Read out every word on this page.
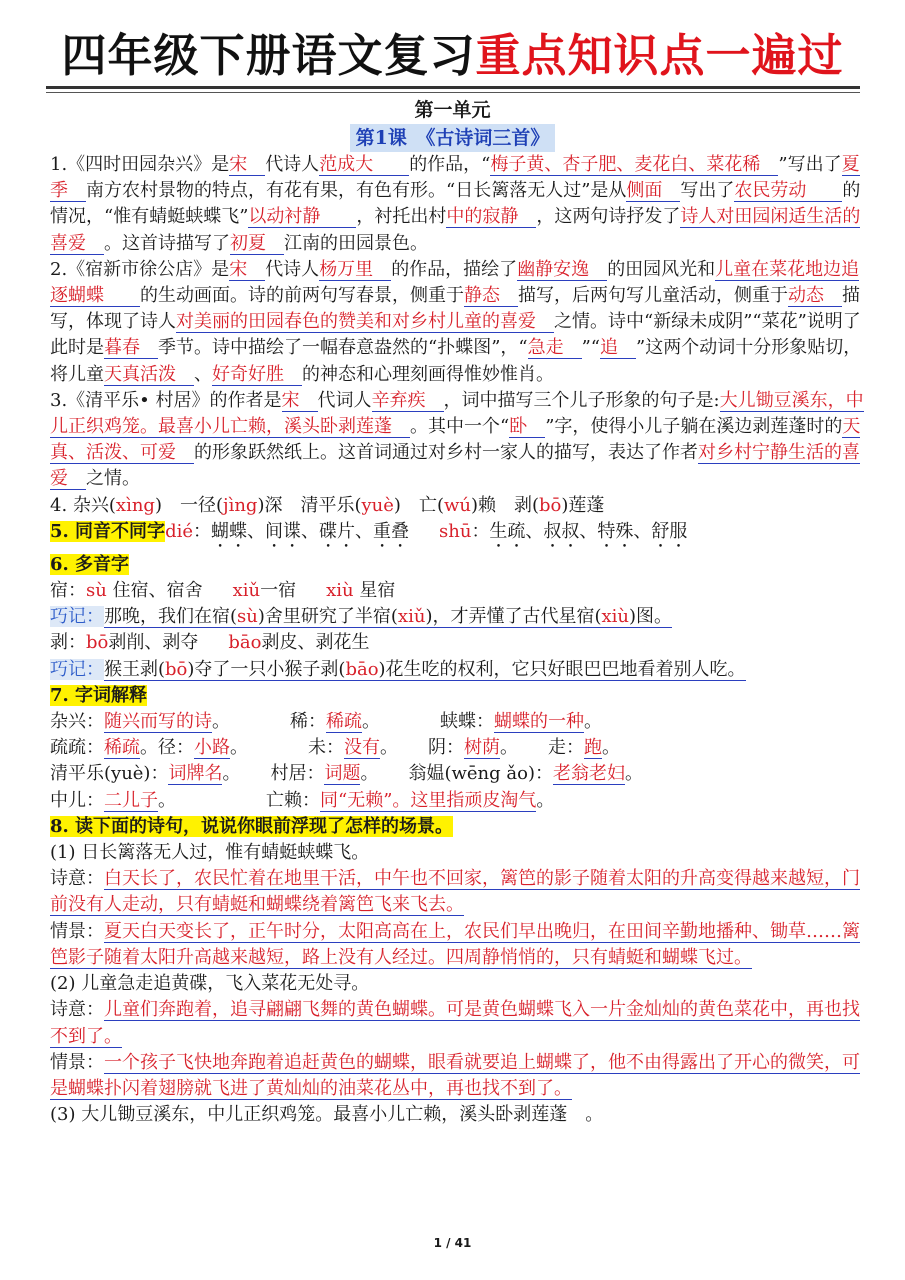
四年级下册语文复习重点知识点一遍过
第一单元
第1课　《古诗词三首》

1.《四时田园杂兴》是宋　代诗人范成大　　的作品，“梅子黄、杏子肥、麦花白、菜花稀　”写出了夏季　南方农村景物的特点，有花有果，有色有形。“日长篱落无人过”是从侧面　写出了农民劳动　　的情况，“惟有蜻蜓蛱蝶飞”以动衬静　　，衬托出村中的寂静　，这两句诗抒发了诗人对田园闲适生活的喜爱　。这首诗描写了初夏　江南的田园景色。

2.《宿新市徐公店》是宋　代诗人杨万里　的作品，描绘了幽静安逸　的田园风光和儿童在菜花地边追逐蝴蝶　　的生动画面。诗的前两句写春景，侧重于静态　描写，后两句写儿童活动，侧重于动态　描写，体现了诗人对美丽的田园春色的赞美和对乡村儿童的喜爱　之情。诗中“新绿未成阴”“菜花”说明了此时是暮春　季节。诗中描绘了一幅春意盎然的“扑蝶图”，“急走　”“追　”这两个动词十分形象贴切，将儿童天真活泼　、好奇好胜　的神态和心理刻画得惟妙惟肖。

3.《清平乐• 村居》的作者是宋　代词人辛弃疾　，词中描写三个儿子形象的句子是:大儿锄豆溪东，中儿正织鸡笼。最喜小儿亡赖，溪头卧剥莲蓬　。其中一个“卧　”字，使得小儿子躺在溪边剥莲蓬时的天真、活泼、可爱　的形象跃然纸上。这首词通过对乡村一家人的描写，表达了作者对乡村宁静生活的喜爱　之情。

4. 杂兴(xìng)　一径(jìng)深　清平乐(yuè)　亡(wú)赖　剥(bō)莲蓬

5. 同音不同字dié：蝴蝶、间谍、碟片、重叠 shū：生疏、叔叔、特殊、舒服

6. 多音字

宿：sù 住宿、宿舍 xiǔ一宿 xiù 星宿

巧记：那晚，我们在宿(sù)舍里研究了半宿(xiǔ)，才弄懂了古代星宿(xiù)图。

剥：bō剥削、剥夺 bāo剥皮、剥花生

巧记：猴王剥(bō)夺了一只小猴子剥(bāo)花生吃的权利，它只好眼巴巴地看着别人吃。

7. 字词解释

杂兴：随兴而写的诗。	稀：稀疏。	蛱蝶：蝴蝶的一种。

疏疏：稀疏。径：小路。	未：没有。 阴：树荫。 走：跑。

清平乐(yuè)：词牌名。 村居：词题。 翁媪(wēng ǎo)：老翁老妇。

中儿：二儿子。	亡赖：同“无赖”。这里指顽皮淘气。

8. 读下面的诗句，说说你眼前浮现了怎样的场景。

(1) 日长篱落无人过，惟有蜻蜓蛱蝶飞。

诗意：白天长了，农民忙着在地里干活，中午也不回家，篱笆的影子随着太阳的升高变得越来越短，门前没有人走动，只有蜻蜓和蝴蝶绕着篱笆飞来飞去。

情景：夏天白天变长了，正午时分，太阳高高在上，农民们早出晚归，在田间辛勤地播种、锄草……篱笆影子随着太阳升高越来越短，路上没有人经过。四周静悄悄的，只有蜻蜓和蝴蝶飞过。

(2) 儿童急走追黄碟，飞入菜花无处寻。

诗意：儿童们奔跑着，追寻翩翩飞舞的黄色蝴蝶。可是黄色蝴蝶飞入一片金灿灿的黄色菜花中，再也找不到了。

情景：一个孩子飞快地奔跑着追赶黄色的蝴蝶，眼看就要追上蝴蝶了，他不由得露出了开心的微笑，可是蝴蝶扑闪着翅膀就飞进了黄灿灿的油菜花丛中，再也找不到了。

(3) 大儿锄豆溪东，中儿正织鸡笼。最喜小儿亡赖，溪头卧剥莲蓬　。

1 / 41
